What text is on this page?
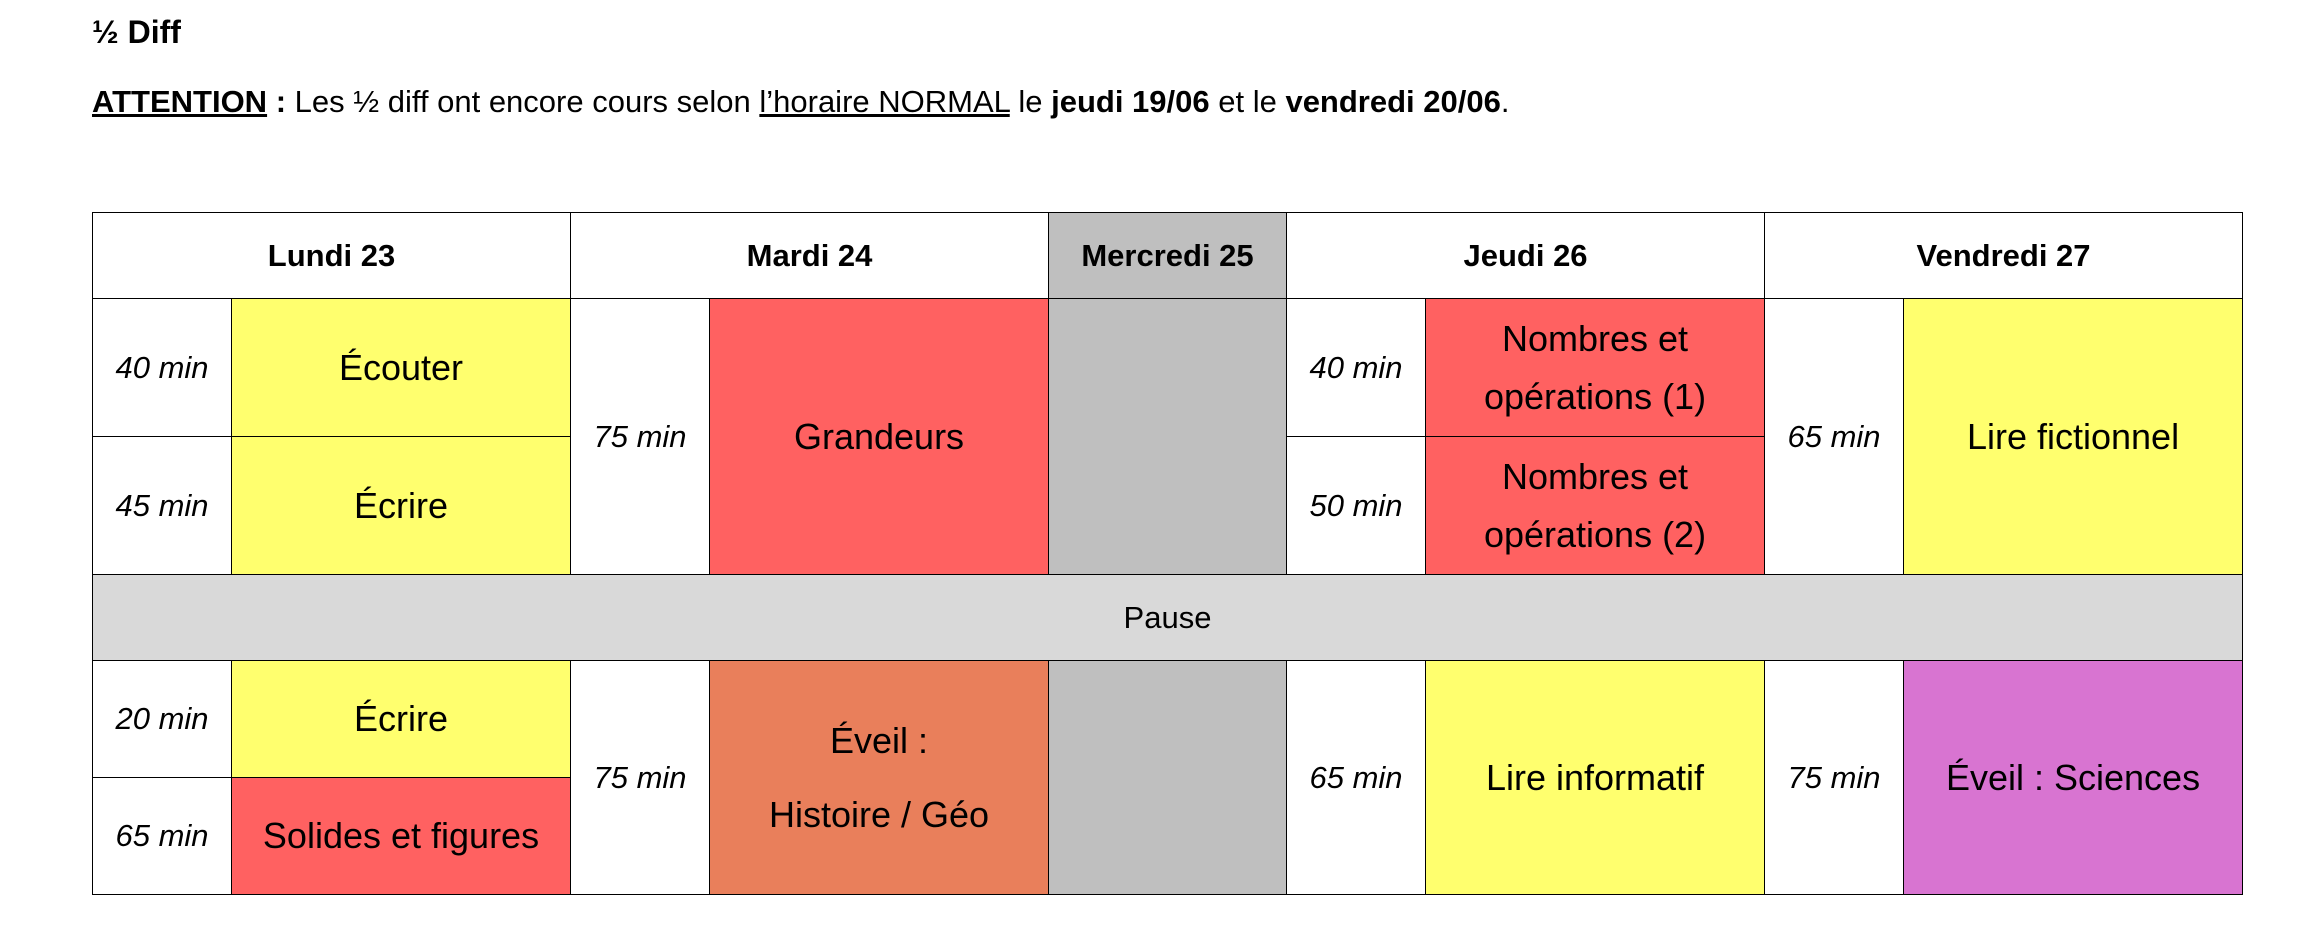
½ Diff
ATTENTION : Les ½ diff ont encore cours selon l’horaire NORMAL le jeudi 19/06 et le vendredi 20/06.
Lundi 23		Mardi 24		Mercredi 25	Jeudi 26		Vendredi 27	
40 min	Écouter	75 min	Grandeurs		40 min	Nombres et
opérations (1)	65 min	Lire fictionnel
45 min	Écrire				50 min	Nombres et
opérations (2)		

Pause								
20 min	Écrire	75 min	Éveil :
Histoire / Géo		65 min	Lire informatif	75 min	Éveil : Sciences
65 min	Solides et figures							
